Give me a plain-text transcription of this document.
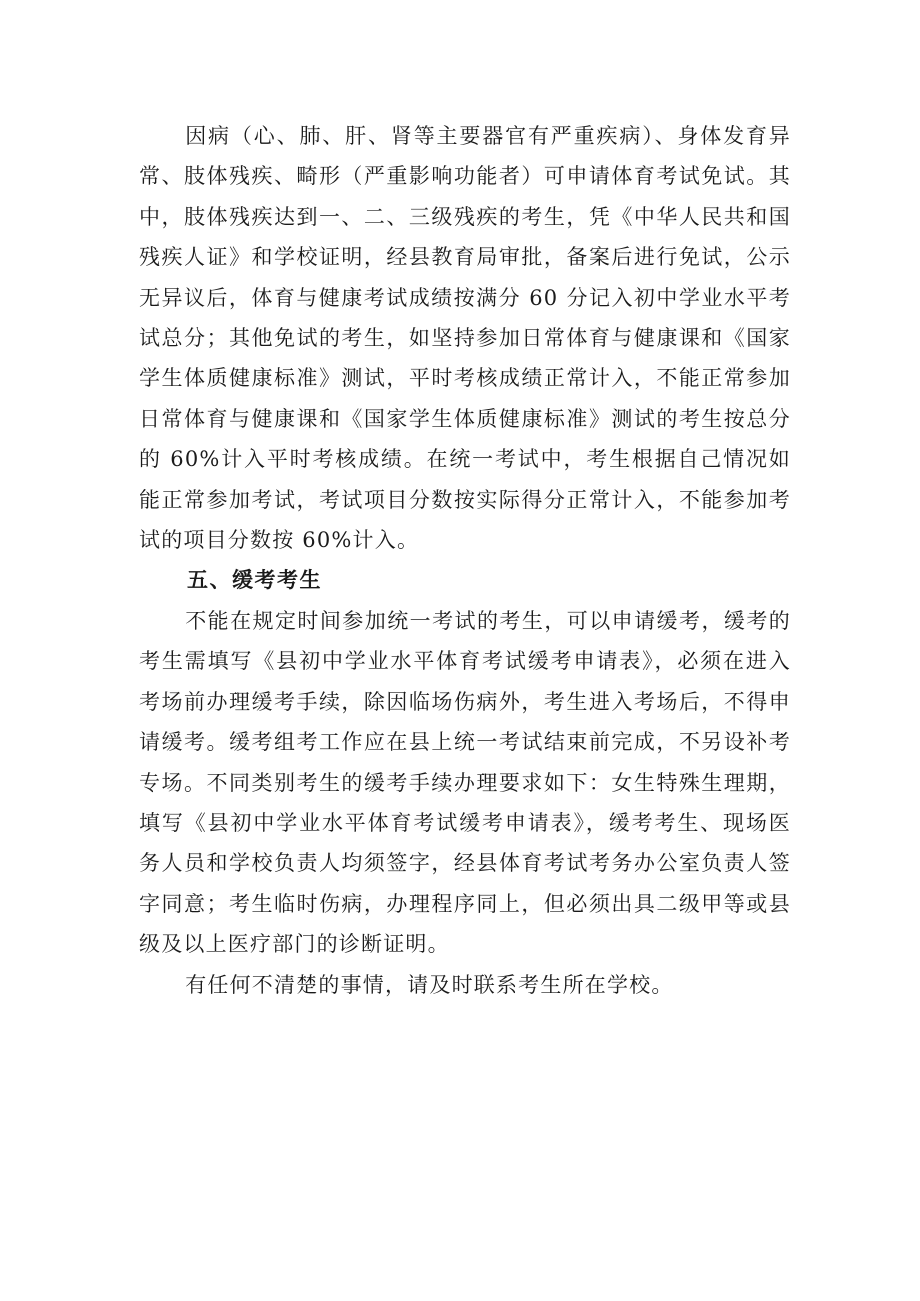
因病（心、肺、肝、肾等主要器官有严重疾病）、身体发育异常、肢体残疾、畸形（严重影响功能者）可申请体育考试免试。其中，肢体残疾达到一、二、三级残疾的考生，凭《中华人民共和国残疾人证》和学校证明，经县教育局审批，备案后进行免试，公示无异议后，体育与健康考试成绩按满分 60 分记入初中学业水平考试总分；其他免试的考生，如坚持参加日常体育与健康课和《国家学生体质健康标准》测试，平时考核成绩正常计入，不能正常参加日常体育与健康课和《国家学生体质健康标准》测试的考生按总分的 60%计入平时考核成绩。在统一考试中，考生根据自己情况如能正常参加考试，考试项目分数按实际得分正常计入，不能参加考试的项目分数按 60%计入。

五、缓考考生

不能在规定时间参加统一考试的考生，可以申请缓考，缓考的考生需填写《县初中学业水平体育考试缓考申请表》，必须在进入考场前办理缓考手续，除因临场伤病外，考生进入考场后，不得申请缓考。缓考组考工作应在县上统一考试结束前完成，不另设补考专场。不同类别考生的缓考手续办理要求如下：女生特殊生理期，填写《县初中学业水平体育考试缓考申请表》，缓考考生、现场医务人员和学校负责人均须签字，经县体育考试考务办公室负责人签字同意；考生临时伤病，办理程序同上，但必须出具二级甲等或县级及以上医疗部门的诊断证明。

有任何不清楚的事情，请及时联系考生所在学校。
